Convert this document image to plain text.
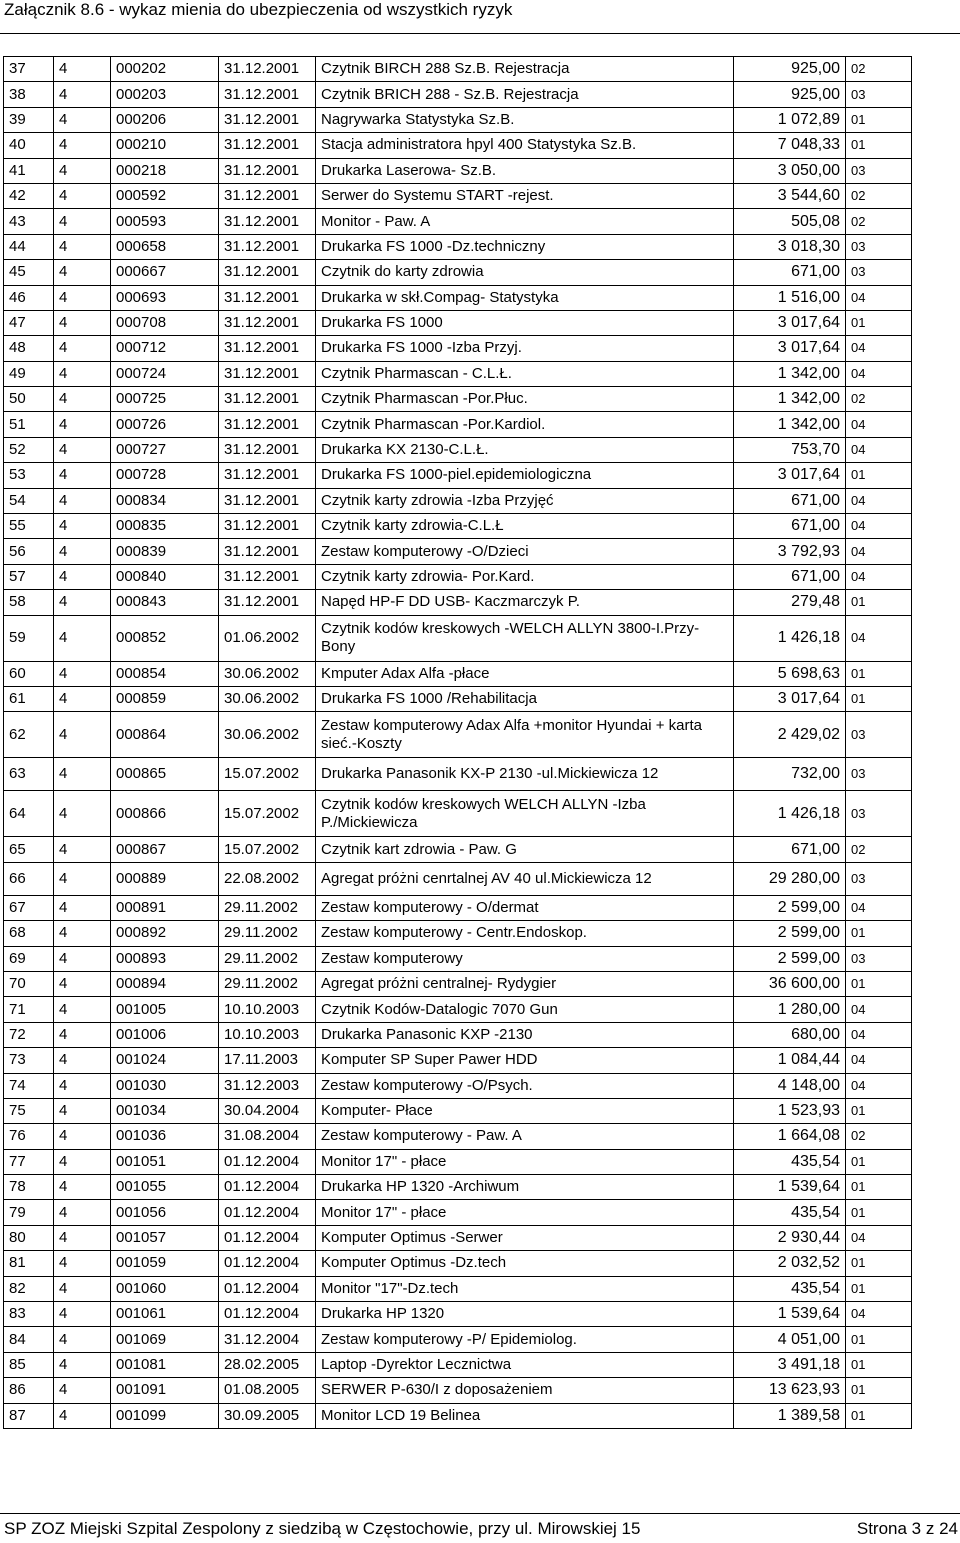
Załącznik 8.6 - wykaz mienia do ubezpieczenia od wszystkich ryzyk
37	4	000202	31.12.2001	Czytnik BIRCH 288 Sz.B. Rejestracja	925,00	02
38	4	000203	31.12.2001	Czytnik BRICH 288 - Sz.B. Rejestracja	925,00	03
39	4	000206	31.12.2001	Nagrywarka Statystyka Sz.B.	1 072,89	01
40	4	000210	31.12.2001	Stacja administratora hpyl 400 Statystyka Sz.B.	7 048,33	01
41	4	000218	31.12.2001	Drukarka Laserowa- Sz.B.	3 050,00	03
42	4	000592	31.12.2001	Serwer do Systemu START -rejest.	3 544,60	02
43	4	000593	31.12.2001	Monitor - Paw. A	505,08	02
44	4	000658	31.12.2001	Drukarka FS 1000 -Dz.techniczny	3 018,30	03
45	4	000667	31.12.2001	Czytnik do karty zdrowia	671,00	03
46	4	000693	31.12.2001	Drukarka w skł.Compag- Statystyka	1 516,00	04
47	4	000708	31.12.2001	Drukarka FS 1000	3 017,64	01
48	4	000712	31.12.2001	Drukarka FS 1000 -Izba Przyj.	3 017,64	04
49	4	000724	31.12.2001	Czytnik Pharmascan - C.L.Ł.	1 342,00	04
50	4	000725	31.12.2001	Czytnik Pharmascan -Por.Płuc.	1 342,00	02
51	4	000726	31.12.2001	Czytnik Pharmascan -Por.Kardiol.	1 342,00	04
52	4	000727	31.12.2001	Drukarka KX 2130-C.L.Ł.	753,70	04
53	4	000728	31.12.2001	Drukarka FS 1000-piel.epidemiologiczna	3 017,64	01
54	4	000834	31.12.2001	Czytnik karty zdrowia -Izba Przyjęć	671,00	04
55	4	000835	31.12.2001	Czytnik karty zdrowia-C.L.Ł	671,00	04
56	4	000839	31.12.2001	Zestaw komputerowy -O/Dzieci	3 792,93	04
57	4	000840	31.12.2001	Czytnik karty zdrowia- Por.Kard.	671,00	04
58	4	000843	31.12.2001	Napęd HP-F DD USB- Kaczmarczyk P.	279,48	01
59	4	000852	01.06.2002	Czytnik kodów kreskowych -WELCH ALLYN 3800-I.Przy-Bony	1 426,18	04
60	4	000854	30.06.2002	Kmputer Adax Alfa -płace	5 698,63	01
61	4	000859	30.06.2002	Drukarka FS 1000 /Rehabilitacja	3 017,64	01
62	4	000864	30.06.2002	Zestaw komputerowy Adax Alfa +monitor Hyundai + karta sieć.-Koszty	2 429,02	03
63	4	000865	15.07.2002	Drukarka Panasonik KX-P 2130 -ul.Mickiewicza 12	732,00	03
64	4	000866	15.07.2002	Czytnik kodów kreskowych WELCH ALLYN -Izba P./Mickiewicza	1 426,18	03
65	4	000867	15.07.2002	Czytnik kart zdrowia - Paw. G	671,00	02
66	4	000889	22.08.2002	Agregat próżni cenrtalnej AV 40 ul.Mickiewicza 12	29 280,00	03
67	4	000891	29.11.2002	Zestaw komputerowy - O/dermat	2 599,00	04
68	4	000892	29.11.2002	Zestaw komputerowy - Centr.Endoskop.	2 599,00	01
69	4	000893	29.11.2002	Zestaw komputerowy	2 599,00	03
70	4	000894	29.11.2002	Agregat próżni centralnej- Rydygier	36 600,00	01
71	4	001005	10.10.2003	Czytnik Kodów-Datalogic 7070 Gun	1 280,00	04
72	4	001006	10.10.2003	Drukarka Panasonic KXP -2130	680,00	04
73	4	001024	17.11.2003	Komputer SP Super Pawer HDD	1 084,44	04
74	4	001030	31.12.2003	Zestaw komputerowy -O/Psych.	4 148,00	04
75	4	001034	30.04.2004	Komputer- Płace	1 523,93	01
76	4	001036	31.08.2004	Zestaw komputerowy - Paw. A	1 664,08	02
77	4	001051	01.12.2004	Monitor 17" - płace	435,54	01
78	4	001055	01.12.2004	Drukarka HP 1320 -Archiwum	1 539,64	01
79	4	001056	01.12.2004	Monitor 17" - płace	435,54	01
80	4	001057	01.12.2004	Komputer Optimus -Serwer	2 930,44	04
81	4	001059	01.12.2004	Komputer Optimus -Dz.tech	2 032,52	01
82	4	001060	01.12.2004	Monitor "17"-Dz.tech	435,54	01
83	4	001061	01.12.2004	Drukarka HP 1320	1 539,64	04
84	4	001069	31.12.2004	Zestaw komputerowy -P/ Epidemiolog.	4 051,00	01
85	4	001081	28.02.2005	Laptop -Dyrektor Lecznictwa	3 491,18	01
86	4	001091	01.08.2005	SERWER P-630/I z doposażeniem	13 623,93	01
87	4	001099	30.09.2005	Monitor LCD 19 Belinea	1 389,58	01
SP ZOZ Miejski Szpital Zespolony z siedzibą w Częstochowie, przy ul. Mirowskiej 15	Strona 3 z 24
